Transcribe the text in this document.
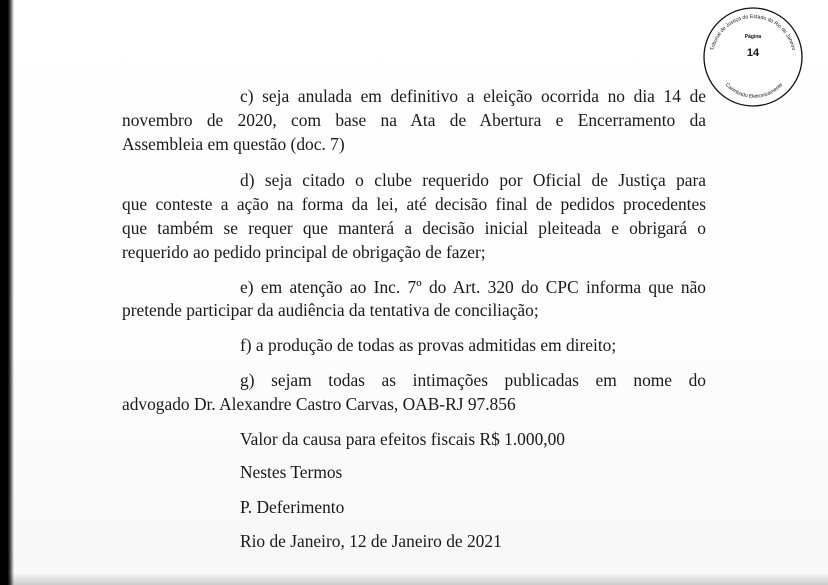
Tribunal de Justiça do Estado do Rio de Janeiro
Carimbado Eletronicamente
Página
14
c) seja anulada em definitivo a eleição ocorrida no dia 14 de
novembro de 2020, com base na Ata de Abertura e Encerramento da
Assembleia em questão (doc. 7)
d) seja citado o clube requerido por Oficial de Justiça para
que conteste a ação na forma da lei, até decisão final de pedidos procedentes
que também se requer que manterá a decisão inicial pleiteada e obrigará o
requerido ao pedido principal de obrigação de fazer;
e) em atenção ao Inc. 7º do Art. 320 do CPC informa que não
pretende participar da audiência da tentativa de conciliação;
f) a produção de todas as provas admitidas em direito;
g) sejam todas as intimações publicadas em nome do
advogado Dr. Alexandre Castro Carvas, OAB-RJ 97.856
Valor da causa para efeitos fiscais R$ 1.000,00
Nestes Termos
P. Deferimento
Rio de Janeiro, 12 de Janeiro de 2021
